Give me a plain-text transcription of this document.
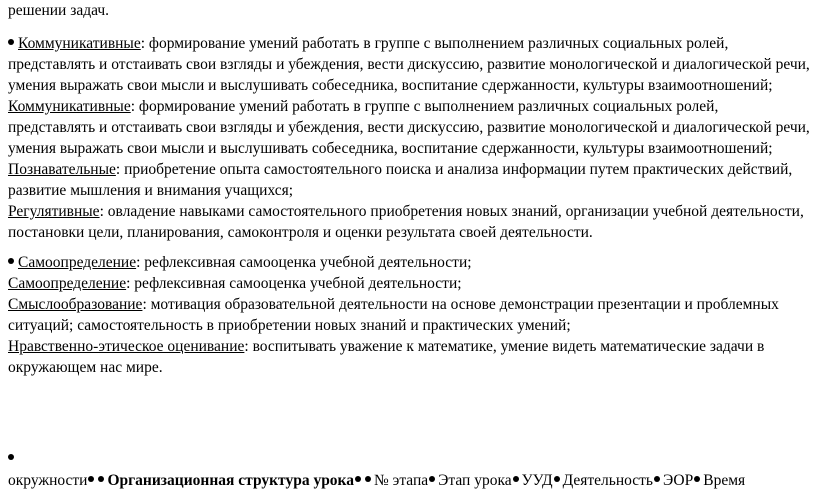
решении задач.
Коммуникативные: формирование умений работать в группе с выполнением различных социальных ролей,
представлять и отстаивать свои взгляды и убеждения, вести дискуссию, развитие монологической и диалогической речи,
умения выражать свои мысли и выслушивать собеседника, воспитание сдержанности, культуры взаимоотношений;
Коммуникативные: формирование умений работать в группе с выполнением различных социальных ролей,
представлять и отстаивать свои взгляды и убеждения, вести дискуссию, развитие монологической и диалогической речи,
умения выражать свои мысли и выслушивать собеседника, воспитание сдержанности, культуры взаимоотношений;
Познавательные: приобретение опыта самостоятельного поиска и анализа информации путем практических действий,
развитие мышления и внимания учащихся;
Регулятивные: овладение навыками самостоятельного приобретения новых знаний, организации учебной деятельности,
постановки цели, планирования, самоконтроля и оценки результата своей деятельности.
Самоопределение: рефлексивная самооценка учебной деятельности;
Самоопределение: рефлексивная самооценка учебной деятельности;
Смыслообразование: мотивация образовательной деятельности на основе демонстрации презентации и проблемных
ситуаций; самостоятельность в приобретении новых знаний и практических умений;
Нравственно-этическое оценивание: воспитывать уважение к математике, умение видеть математические задачи в
окружающем нас мире.
окружности Организационная структура урока № этапа Этап урока УУД Деятельность ЭОР Время
